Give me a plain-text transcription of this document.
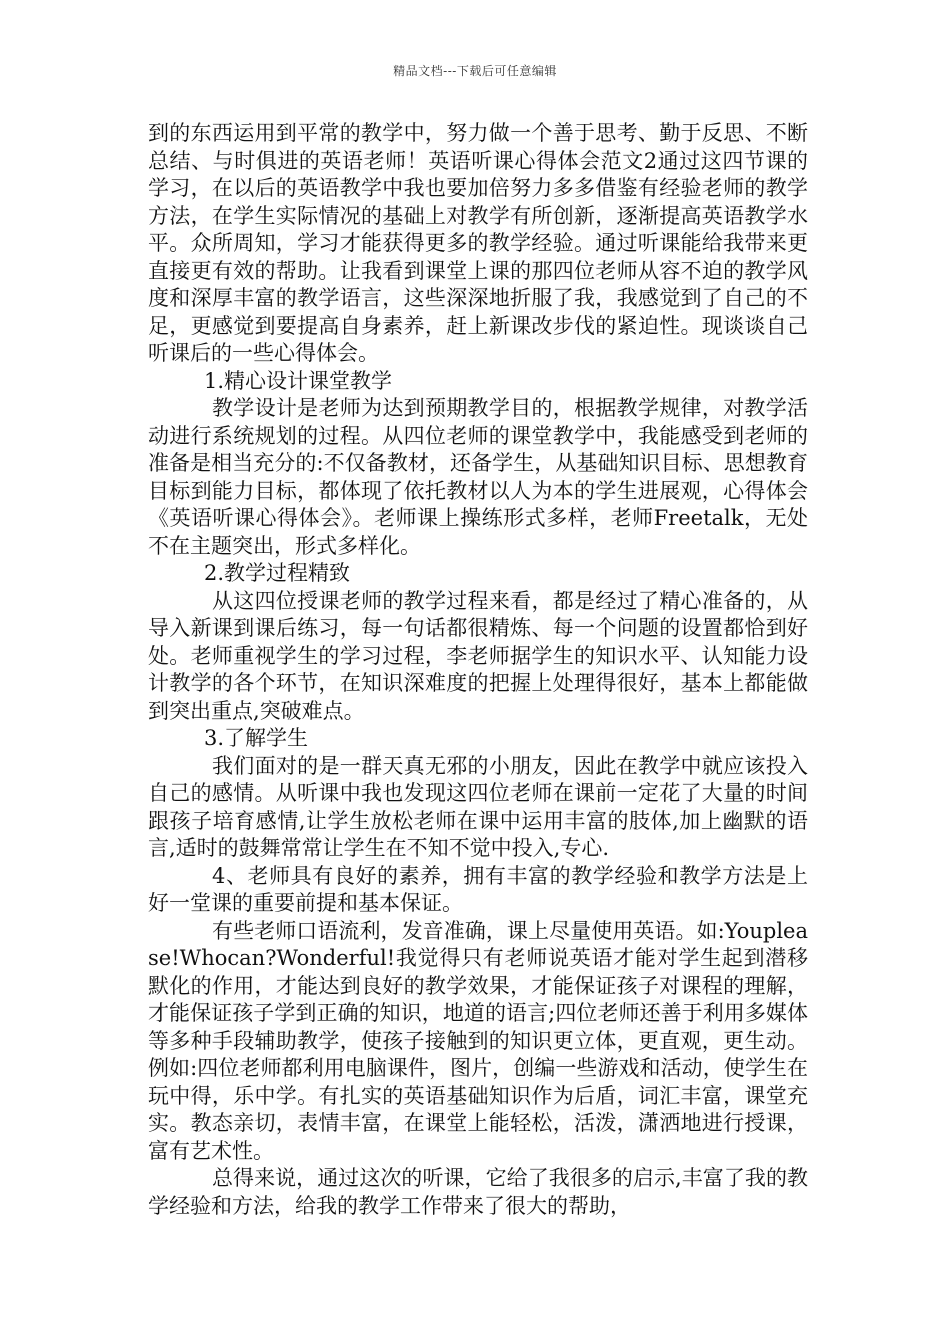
精品文档---下载后可任意编辑

到的东西运用到平常的教学中，努力做一个善于思考、勤于反思、不断总结、与时俱进的英语老师！英语听课心得体会范文2通过这四节课的学习，在以后的英语教学中我也要加倍努力多多借鉴有经验老师的教学方法，在学生实际情况的基础上对教学有所创新，逐渐提高英语教学水平。众所周知，学习才能获得更多的教学经验。通过听课能给我带来更直接更有效的帮助。让我看到课堂上课的那四位老师从容不迫的教学风度和深厚丰富的教学语言，这些深深地折服了我，我感觉到了自己的不足，更感觉到要提高自身素养，赶上新课改步伐的紧迫性。现谈谈自己听课后的一些心得体会。

1.精心设计课堂教学

教学设计是老师为达到预期教学目的，根据教学规律，对教学活动进行系统规划的过程。从四位老师的课堂教学中，我能感受到老师的准备是相当充分的:不仅备教材，还备学生，从基础知识目标、思想教育目标到能力目标，都体现了依托教材以人为本的学生进展观，心得体会《英语听课心得体会》。老师课上操练形式多样，老师Freetalk，无处不在主题突出，形式多样化。

2.教学过程精致

从这四位授课老师的教学过程来看，都是经过了精心准备的，从导入新课到课后练习，每一句话都很精炼、每一个问题的设置都恰到好处。老师重视学生的学习过程，李老师据学生的知识水平、认知能力设计教学的各个环节，在知识深难度的把握上处理得很好，基本上都能做到突出重点,突破难点。

3.了解学生

我们面对的是一群天真无邪的小朋友，因此在教学中就应该投入自己的感情。从听课中我也发现这四位老师在课前一定花了大量的时间跟孩子培育感情,让学生放松老师在课中运用丰富的肢体,加上幽默的语言,适时的鼓舞常常让学生在不知不觉中投入,专心.

4、老师具有良好的素养，拥有丰富的教学经验和教学方法是上好一堂课的重要前提和基本保证。

有些老师口语流利，发音准确，课上尽量使用英语。如:Youplease!Whocan?Wonderful!我觉得只有老师说英语才能对学生起到潜移默化的作用，才能达到良好的教学效果，才能保证孩子对课程的理解，才能保证孩子学到正确的知识，地道的语言;四位老师还善于利用多媒体等多种手段辅助教学，使孩子接触到的知识更立体，更直观，更生动。例如:四位老师都利用电脑课件，图片，创编一些游戏和活动，使学生在玩中得，乐中学。有扎实的英语基础知识作为后盾，词汇丰富，课堂充实。教态亲切，表情丰富，在课堂上能轻松，活泼，潇洒地进行授课，富有艺术性。

总得来说，通过这次的听课，它给了我很多的启示,丰富了我的教学经验和方法，给我的教学工作带来了很大的帮助，
